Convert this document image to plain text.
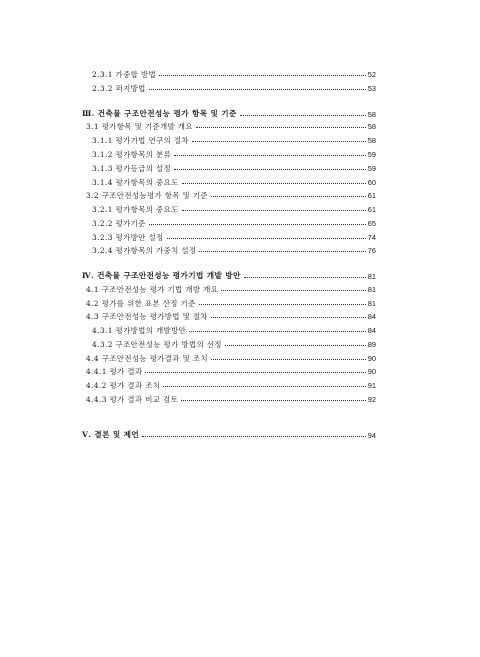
2.3.1 가중합 방법	52
2.3.2 퍼지방법	53
Ⅲ. 건축물 구조안전성능 평가 항목 및 기준	58
3.1 평가항목 및 기준개발 개요	58
3.1.1 평가기법 연구의 절차	58
3.1.2 평가항목의 분류	59
3.1.3 평가등급의 설정	59
3.1.4 평가항목의 중요도	60
3.2 구조안전성능평가 항목 및 기준	61
3.2.1 평가항목의 중요도	61
3.2.2 평가기준	65
3.2.3 평가방안 설정	74
3.2.4 평가항목의 가중치 설정	76
Ⅳ. 건축물 구조안전성능 평가기법 개발 방안	81
4.1 구조안전성능 평가 기법 개발 개요	81
4.2 평가를 위한 표본 산정 기준	81
4.3 구조안전성능 평가방법 및 절차	84
4.3.1 평가방법의 개발방안	84
4.3.2 구조안전성능 평가 방법의 선정	89
4.4 구조안전성능 평가결과 및 조치	90
4.4.1 평가 결과	90
4.4.2 평가 결과 조치	91
4.4.3 평가 결과 비교 검토	92
Ⅴ. 결론 및 제언	94
